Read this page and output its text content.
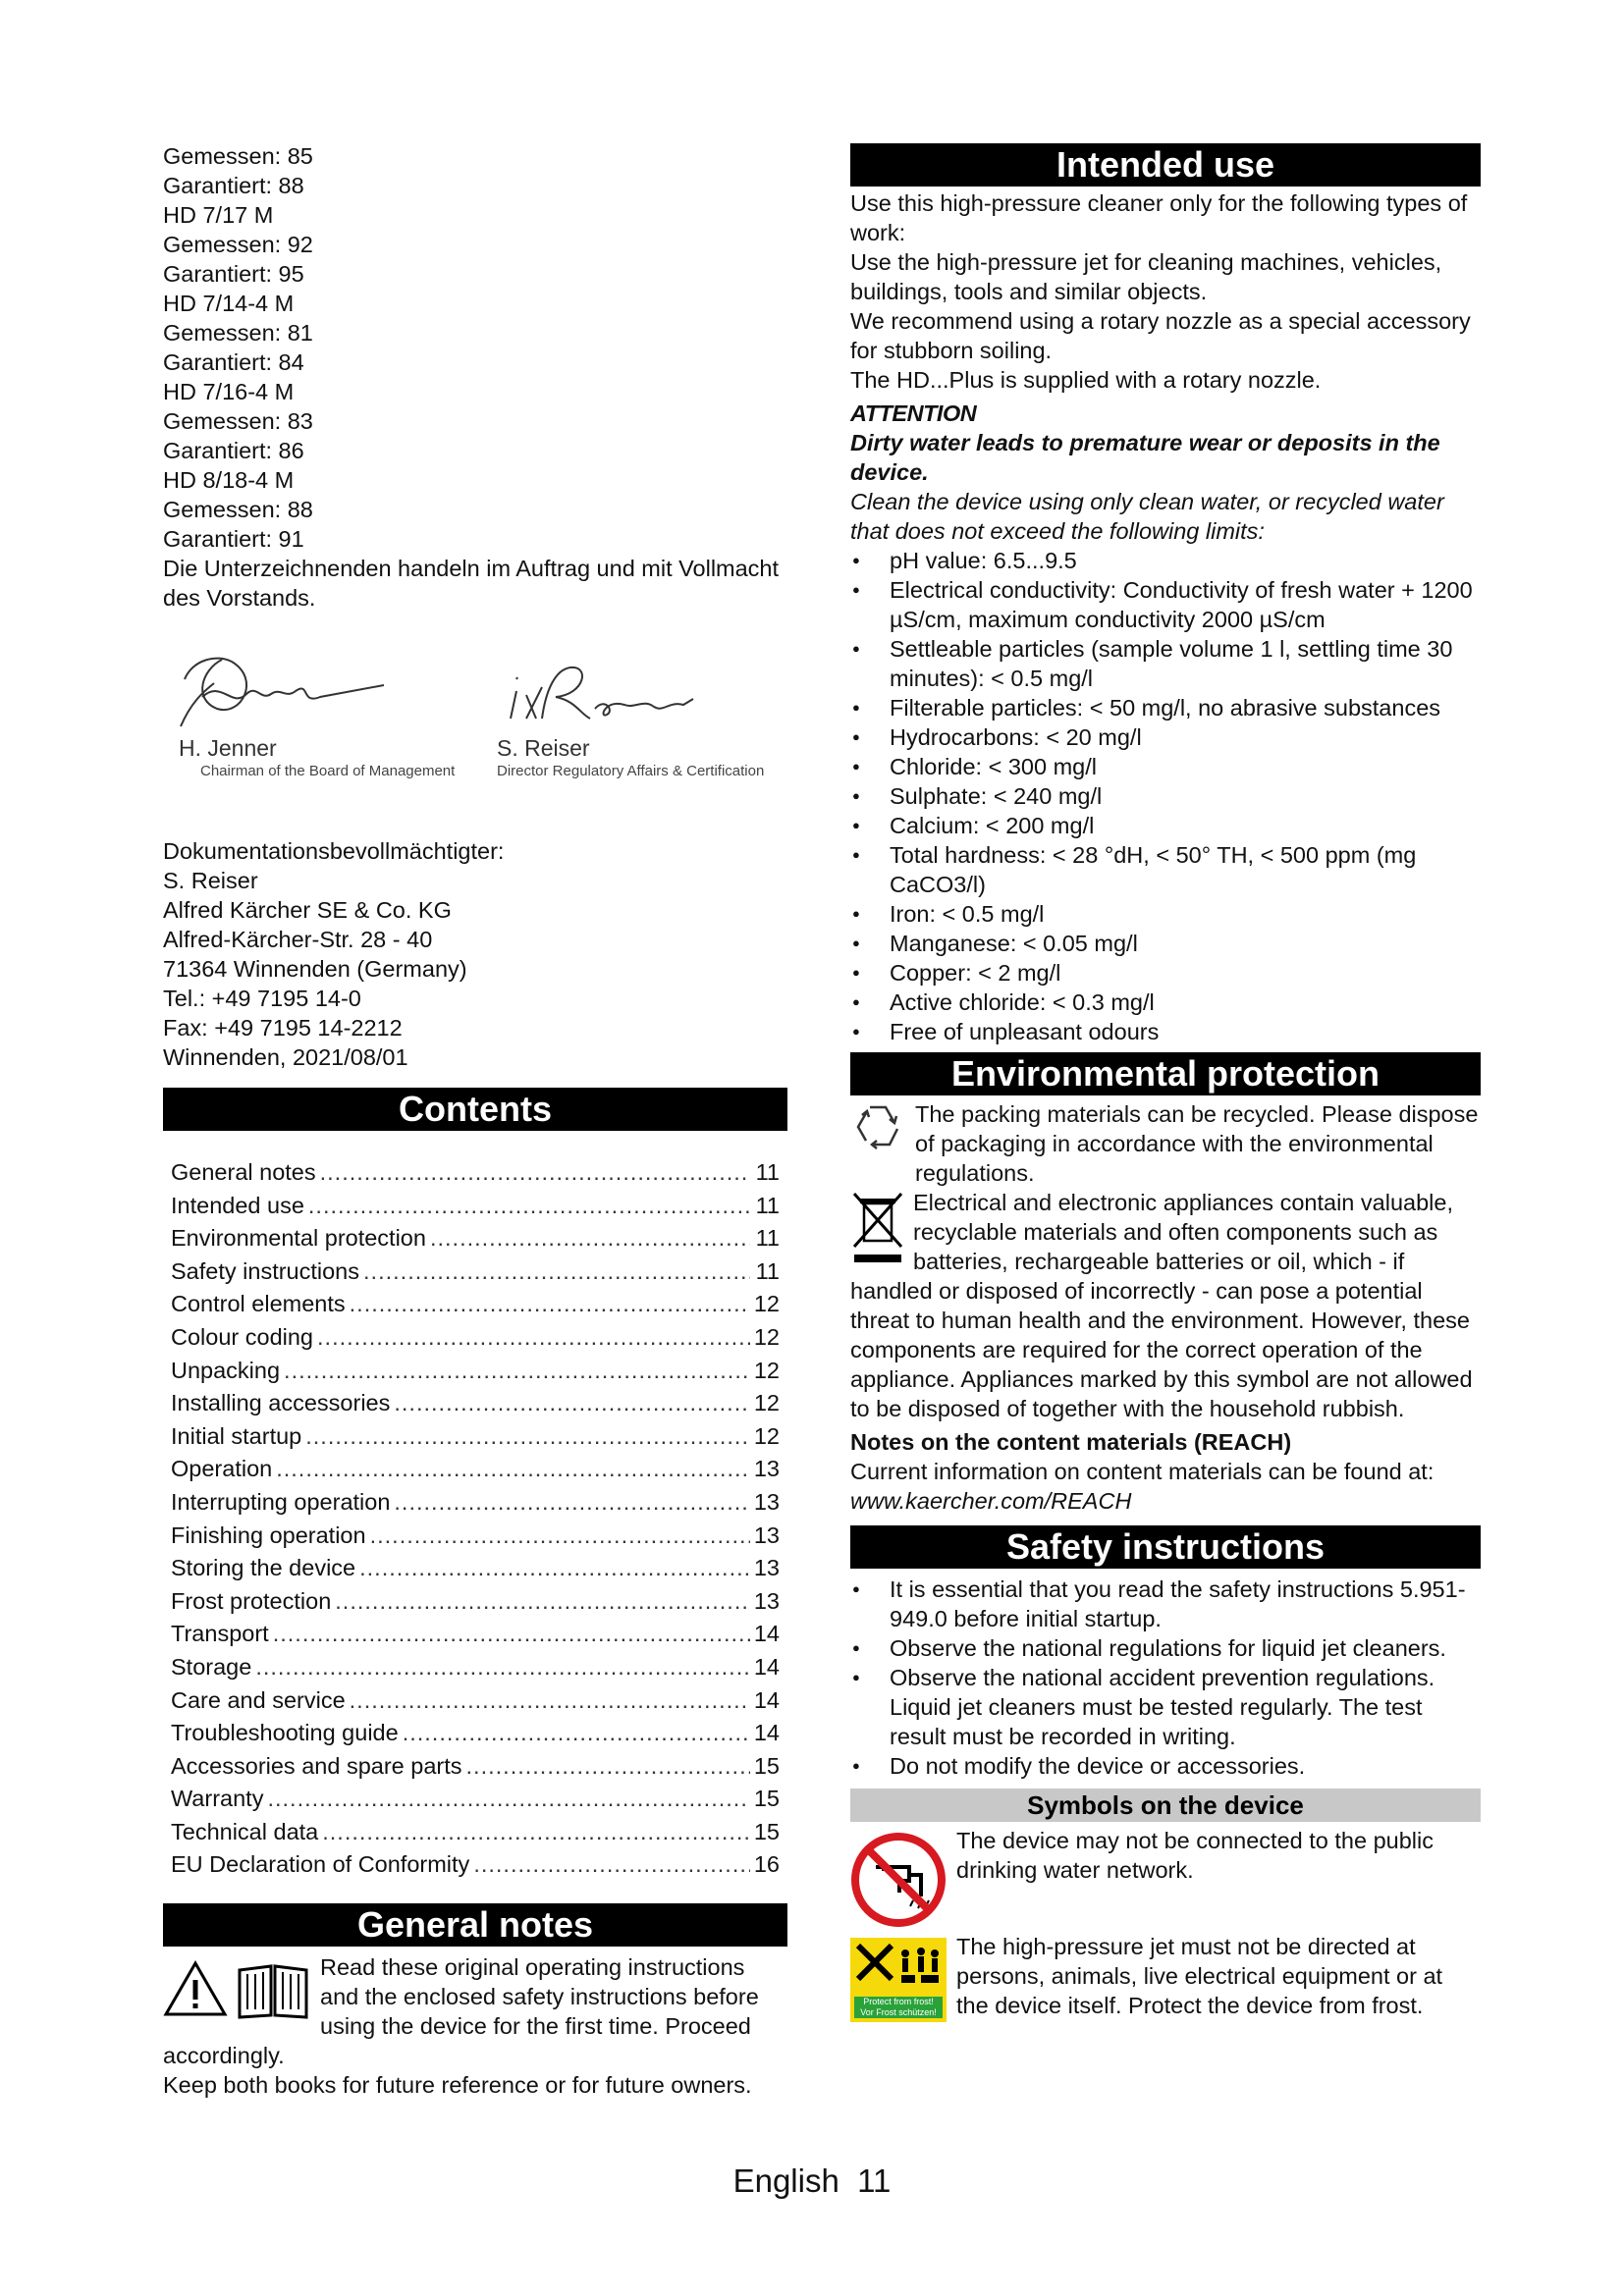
Gemessen: 85
Garantiert: 88
HD 7/17 M
Gemessen: 92
Garantiert: 95
HD 7/14-4 M
Gemessen: 81
Garantiert: 84
HD 7/16-4 M
Gemessen: 83
Garantiert: 86
HD 8/18-4 M
Gemessen: 88
Garantiert: 91

Die Unterzeichnenden handeln im Auftrag und mit Vollmacht des Vorstands.

H. Jenner
Chairman of the Board of Management
S. Reiser
Director Regulatory Affairs & Certification
Dokumentationsbevollmächtigter:
S. Reiser
Alfred Kärcher SE & Co. KG
Alfred-Kärcher-Str. 28 - 40
71364 Winnenden (Germany)
Tel.: +49 7195 14-0
Fax: +49 7195 14-2212
Winnenden, 2021/08/01
Contents
General notes .....	11
Intended use .....	11
Environmental protection .....	11
Safety instructions .....	11
Control elements .....	12
Colour coding .....	12
Unpacking .....	12
Installing accessories .....	12
Initial startup .....	12
Operation .....	13
Interrupting operation .....	13
Finishing operation .....	13
Storing the device .....	13
Frost protection .....	13
Transport .....	14
Storage .....	14
Care and service .....	14
Troubleshooting guide .....	14
Accessories and spare parts .....	15
Warranty .....	15
Technical data .....	15
EU Declaration of Conformity .....	16
General notes

Read these original operating instructions and the enclosed safety instructions before using the device for the first time. Proceed accordingly.

Keep both books for future reference or for future owners.

Intended use

Use this high-pressure cleaner only for the following types of work:

Use the high-pressure jet for cleaning machines, vehicles, buildings, tools and similar objects.

We recommend using a rotary nozzle as a special accessory for stubborn soiling.

The HD...Plus is supplied with a rotary nozzle.

ATTENTION

Dirty water leads to premature wear or deposits in the device.

Clean the device using only clean water, or recycled water that does not exceed the following limits:

● pH value: 6.5...9.5
● Electrical conductivity: Conductivity of fresh water + 1200 µS/cm, maximum conductivity 2000 µS/cm
● Settleable particles (sample volume 1 l, settling time 30 minutes): < 0.5 mg/l
● Filterable particles: < 50 mg/l, no abrasive substances
● Hydrocarbons: < 20 mg/l
● Chloride: < 300 mg/l
● Sulphate: < 240 mg/l
● Calcium: < 200 mg/l
● Total hardness: < 28 °dH, < 50° TH, < 500 ppm (mg CaCO3/l)
● Iron: < 0.5 mg/l
● Manganese: < 0.05 mg/l
● Copper: < 2 mg/l
● Active chloride: < 0.3 mg/l
● Free of unpleasant odours
Environmental protection

The packing materials can be recycled. Please dispose of packaging in accordance with the environmental regulations.

Electrical and electronic appliances contain valuable, recyclable materials and often components such as batteries, rechargeable batteries or oil, which - if handled or disposed of incorrectly - can pose a potential threat to human health and the environment. However, these components are required for the correct operation of the appliance. Appliances marked by this symbol are not allowed to be disposed of together with the household rubbish.

Notes on the content materials (REACH)

Current information on content materials can be found at: www.kaercher.com/REACH

Safety instructions
● It is essential that you read the safety instructions 5.951-949.0 before initial startup.
● Observe the national regulations for liquid jet cleaners.
● Observe the national accident prevention regulations. Liquid jet cleaners must be tested regularly. The test result must be recorded in writing.
● Do not modify the device or accessories.
Symbols on the device

The device may not be connected to the public drinking water network.

Protect from frost!
Vor Frost schützen!

The high-pressure jet must not be directed at persons, animals, live electrical equipment or at the device itself. Protect the device from frost.

English  11
